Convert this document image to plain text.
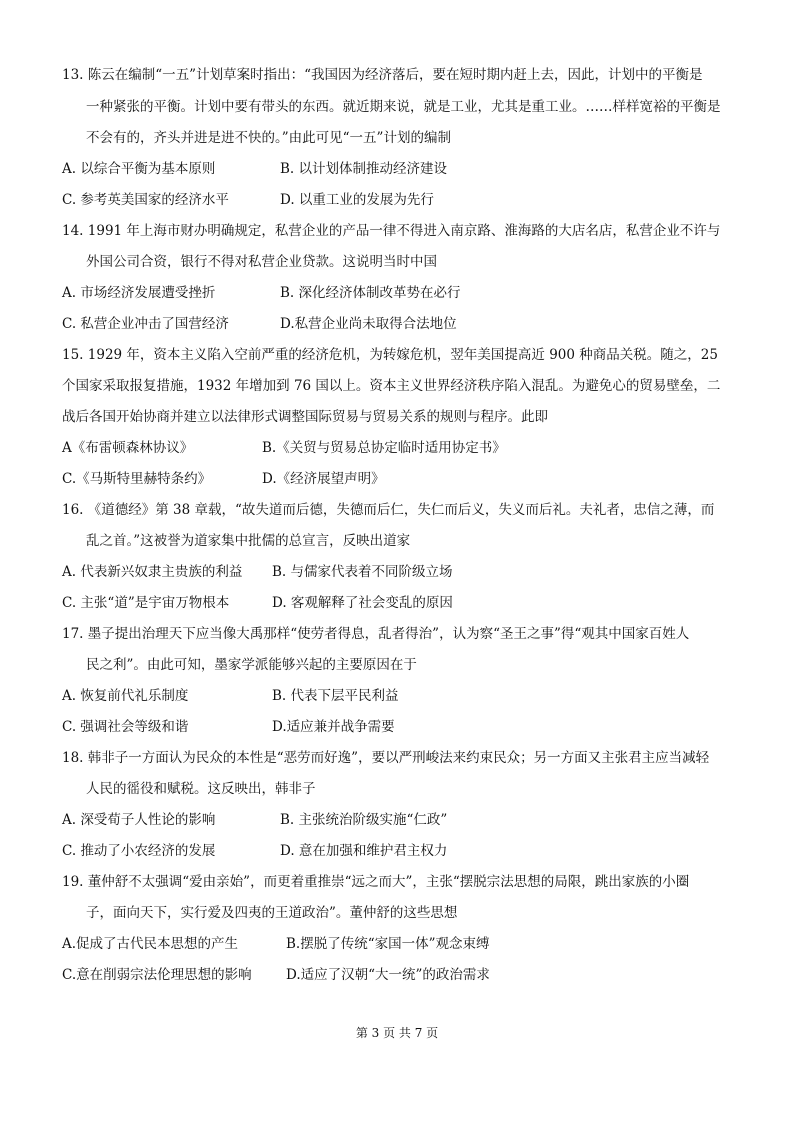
13. 陈云在编制“一五”计划草案时指出：“我国因为经济落后，要在短时期内赶上去，因此，计划中的平衡是
一种紧张的平衡。计划中要有带头的东西。就近期来说，就是工业，尤其是重工业。……样样宽裕的平衡是
不会有的，齐头并进是进不快的。”由此可见“一五”计划的编制
A. 以综合平衡为基本原则	B. 以计划体制推动经济建设
C. 参考英美国家的经济水平	D. 以重工业的发展为先行
14. 1991 年上海市财办明确规定，私营企业的产品一律不得进入南京路、淮海路的大店名店，私营企业不许与
外国公司合资，银行不得对私营企业贷款。这说明当时中国
A. 市场经济发展遭受挫折	B. 深化经济体制改革势在必行
C. 私营企业冲击了国营经济	D.私营企业尚未取得合法地位
15. 1929 年，资本主义陷入空前严重的经济危机，为转嫁危机，翌年美国提高近 900 种商品关税。随之，25
个国家采取报复措施，1932 年增加到 76 国以上。资本主义世界经济秩序陷入混乱。为避免心的贸易壁垒，二
战后各国开始协商并建立以法律形式调整国际贸易与贸易关系的规则与程序。此即
A《布雷顿森林协议》	B.《关贸与贸易总协定临时适用协定书》
C.《马斯特里赫特条约》	D.《经济展望声明》
16. 《道德经》第 38 章载，“故失道而后德，失德而后仁，失仁而后义，失义而后礼。夫礼者，忠信之薄，而
乱之首。”这被誉为道家集中批儒的总宣言，反映出道家
A. 代表新兴奴隶主贵族的利益 B. 与儒家代表着不同阶级立场
C. 主张“道”是宇宙万物根本	D. 客观解释了社会变乱的原因
17. 墨子提出治理天下应当像大禹那样“使劳者得息，乱者得治”，认为察“圣王之事”得“观其中国家百姓人
民之利”。由此可知，墨家学派能够兴起的主要原因在于
A. 恢复前代礼乐制度	B. 代表下层平民利益
C. 强调社会等级和谐	D.适应兼并战争需要
18. 韩非子一方面认为民众的本性是“恶劳而好逸”，要以严刑峻法来约束民众；另一方面又主张君主应当减轻
人民的徭役和赋税。这反映出，韩非子
A. 深受荀子人性论的影响	B. 主张统治阶级实施“仁政”
C. 推动了小农经济的发展	D. 意在加强和维护君主权力
19. 董仲舒不太强调“爱由亲始”，而更着重推崇“远之而大”，主张“摆脱宗法思想的局限，跳出家族的小圈
子，面向天下，实行爱及四夷的王道政治”。董仲舒的这些思想
A.促成了古代民本思想的产生	B.摆脱了传统“家国一体”观念束缚
C.意在削弱宗法伦理思想的影响	D.适应了汉朝“大一统”的政治需求
第 3 页 共 7 页
